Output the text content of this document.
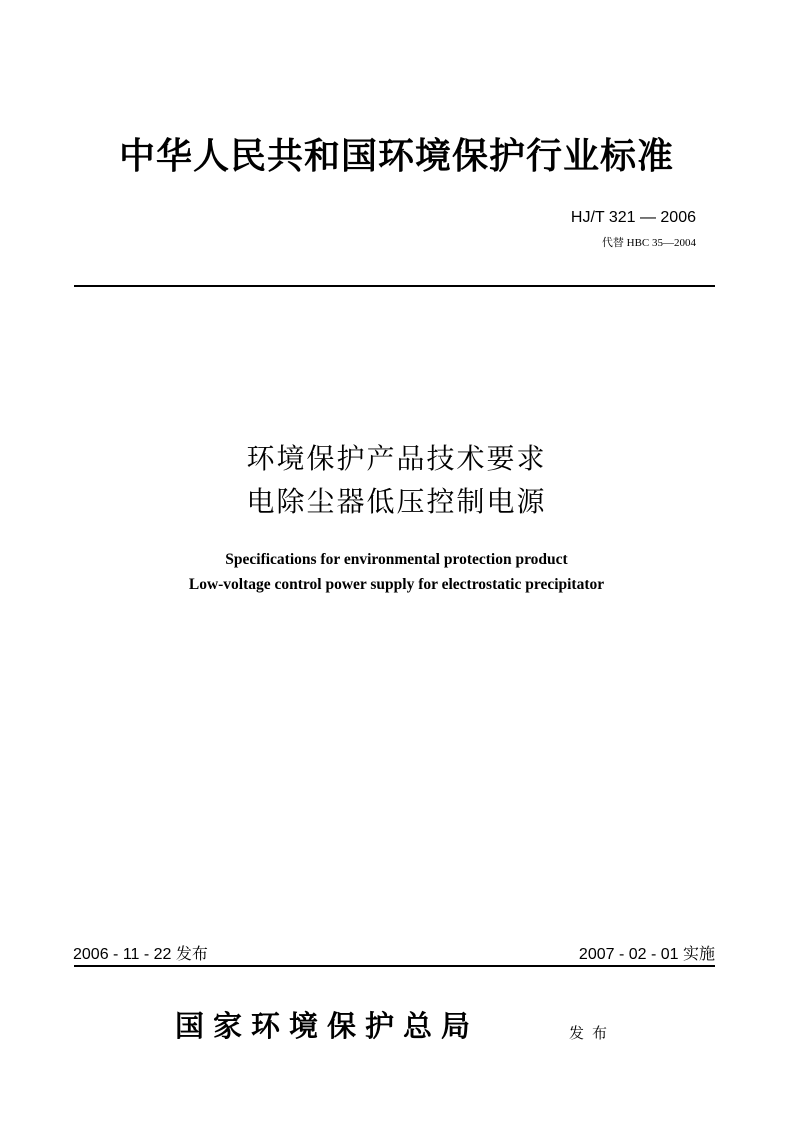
中华人民共和国环境保护行业标准
HJ/T 321 — 2006
代替 HBC 35—2004
环境保护产品技术要求
电除尘器低压控制电源
Specifications for environmental protection product
Low-voltage control power supply for electrostatic precipitator
2006 - 11 - 22 发布	2007 - 02 - 01 实施
国家环境保护总局	发布
